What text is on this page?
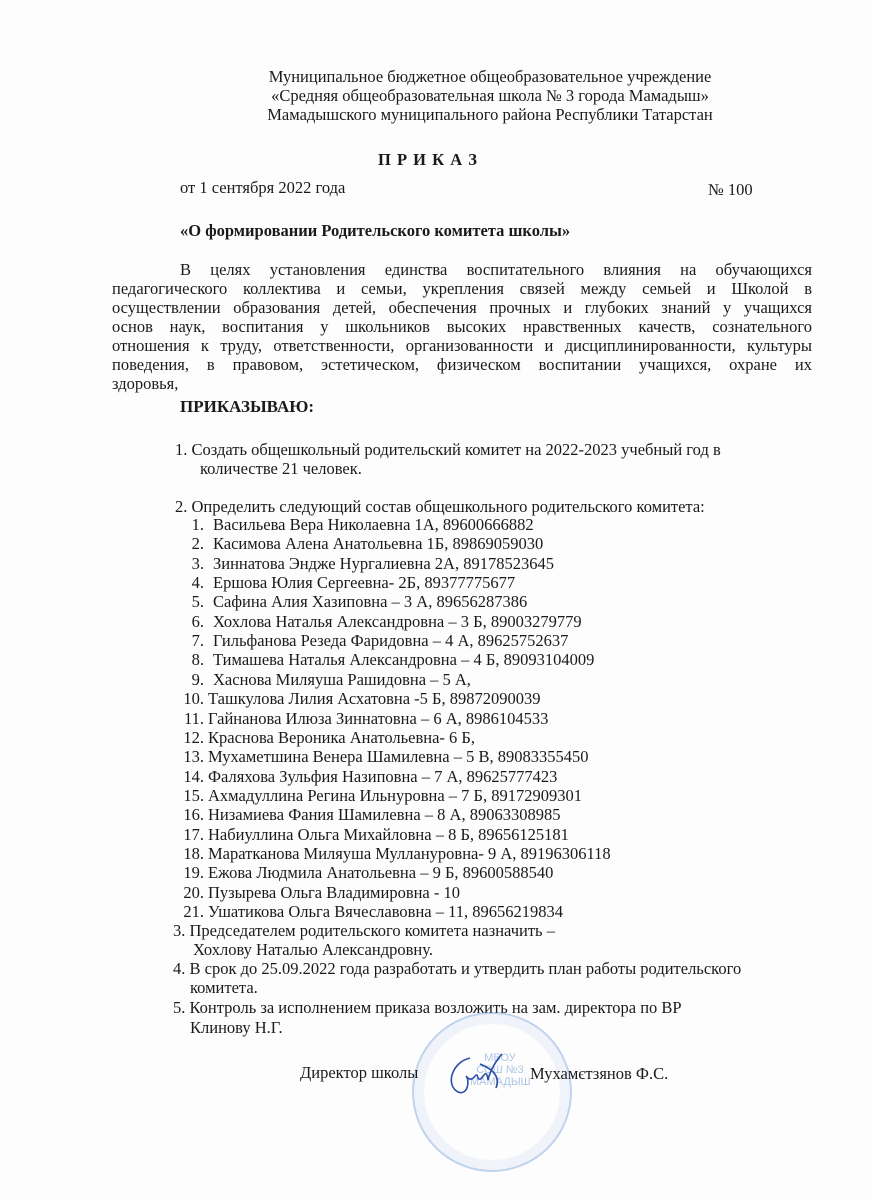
Муниципальное бюджетное общеобразовательное учреждение
«Средняя общеобразовательная школа № 3 города Мамадыш»
Мамадышского муниципального района Республики Татарстан
П Р И К А З
от 1 сентября 2022 года	№ 100
«О формировании Родительского комитета школы»
В целях установления единства воспитательного влияния на обучающихся
педагогического коллектива и семьи, укрепления связей между семьей и Школой в
осуществлении образования детей, обеспечения прочных и глубоких знаний у учащихся
основ наук, воспитания у школьников высоких нравственных качеств, сознательного
отношения к труду, ответственности, организованности и дисциплинированности, культуры
поведения, в правовом, эстетическом, физическом воспитании учащихся, охране их
здоровья,
ПРИКАЗЫВАЮ:
1. Создать общешкольный родительский комитет на 2022-2023 учебный год в
количестве 21 человек.
2. Определить следующий состав общешкольного родительского комитета:
1. Васильева Вера Николаевна 1А, 89600666882
2. Касимова Алена Анатольевна 1Б, 89869059030
3. Зиннатова Эндже Нургалиевна 2А, 89178523645
4. Ершова Юлия Сергеевна- 2Б, 89377775677
5. Сафина Алия Хазиповна – 3 А, 89656287386
6. Хохлова Наталья Александровна – 3 Б, 89003279779
7. Гильфанова Резеда Фаридовна – 4 А, 89625752637
8. Тимашева Наталья Александровна – 4 Б, 89093104009
9. Хаснова Миляуша Рашидовна – 5 А,
10. Ташкулова Лилия Асхатовна -5 Б, 89872090039
11. Гайнанова Илюза Зиннатовна – 6 А, 8986104533
12. Краснова Вероника Анатольевна- 6 Б,
13. Мухаметшина Венера Шамилевна – 5 В, 89083355450
14. Фаляхова Зульфия Назиповна – 7 А, 89625777423
15. Ахмадуллина Регина Ильнуровна – 7 Б, 89172909301
16. Низамиева Фания Шамилевна – 8 А, 89063308985
17. Набиуллина Ольга Михайловна – 8 Б, 89656125181
18. Маратканова Миляуша Муллануровна- 9 А, 89196306118
19. Ежова Людмила Анатольевна – 9 Б, 89600588540
20. Пузырева Ольга Владимировна - 10
21. Ушатикова Ольга Вячеславовна – 11, 89656219834
3. Председателем родительского комитета назначить –
Хохлову Наталью Александровну.
4. В срок до 25.09.2022 года разработать и утвердить план работы родительского
комитета.
5. Контроль за исполнением приказа возложить на зам. директора по ВР
Клинову Н.Г.
МБОУ
СОШ №3
МАМАДЫШ
Директор школы	Мухамєтзянов Ф.С.
